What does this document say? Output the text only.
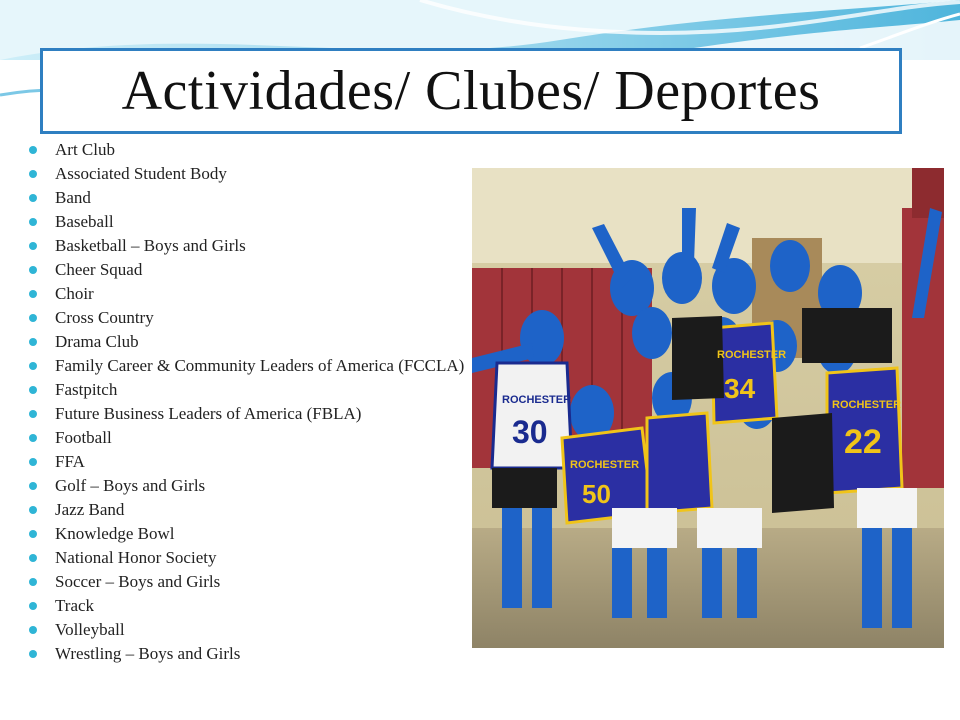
Actividades/ Clubes/ Deportes
Art Club
Associated Student Body
Band
Baseball
Basketball – Boys and Girls
Cheer Squad
Choir
Cross Country
Drama Club
Family Career & Community Leaders of America (FCCLA)
Fastpitch
Future Business Leaders of America (FBLA)
Football
FFA
Golf – Boys and Girls
Jazz Band
Knowledge Bowl
National Honor Society
Soccer – Boys and Girls
Track
Volleyball
Wrestling – Boys and Girls
ROCHESTER
30
ROCHESTER
34
ROCHESTER
22
ROCHESTER
50
